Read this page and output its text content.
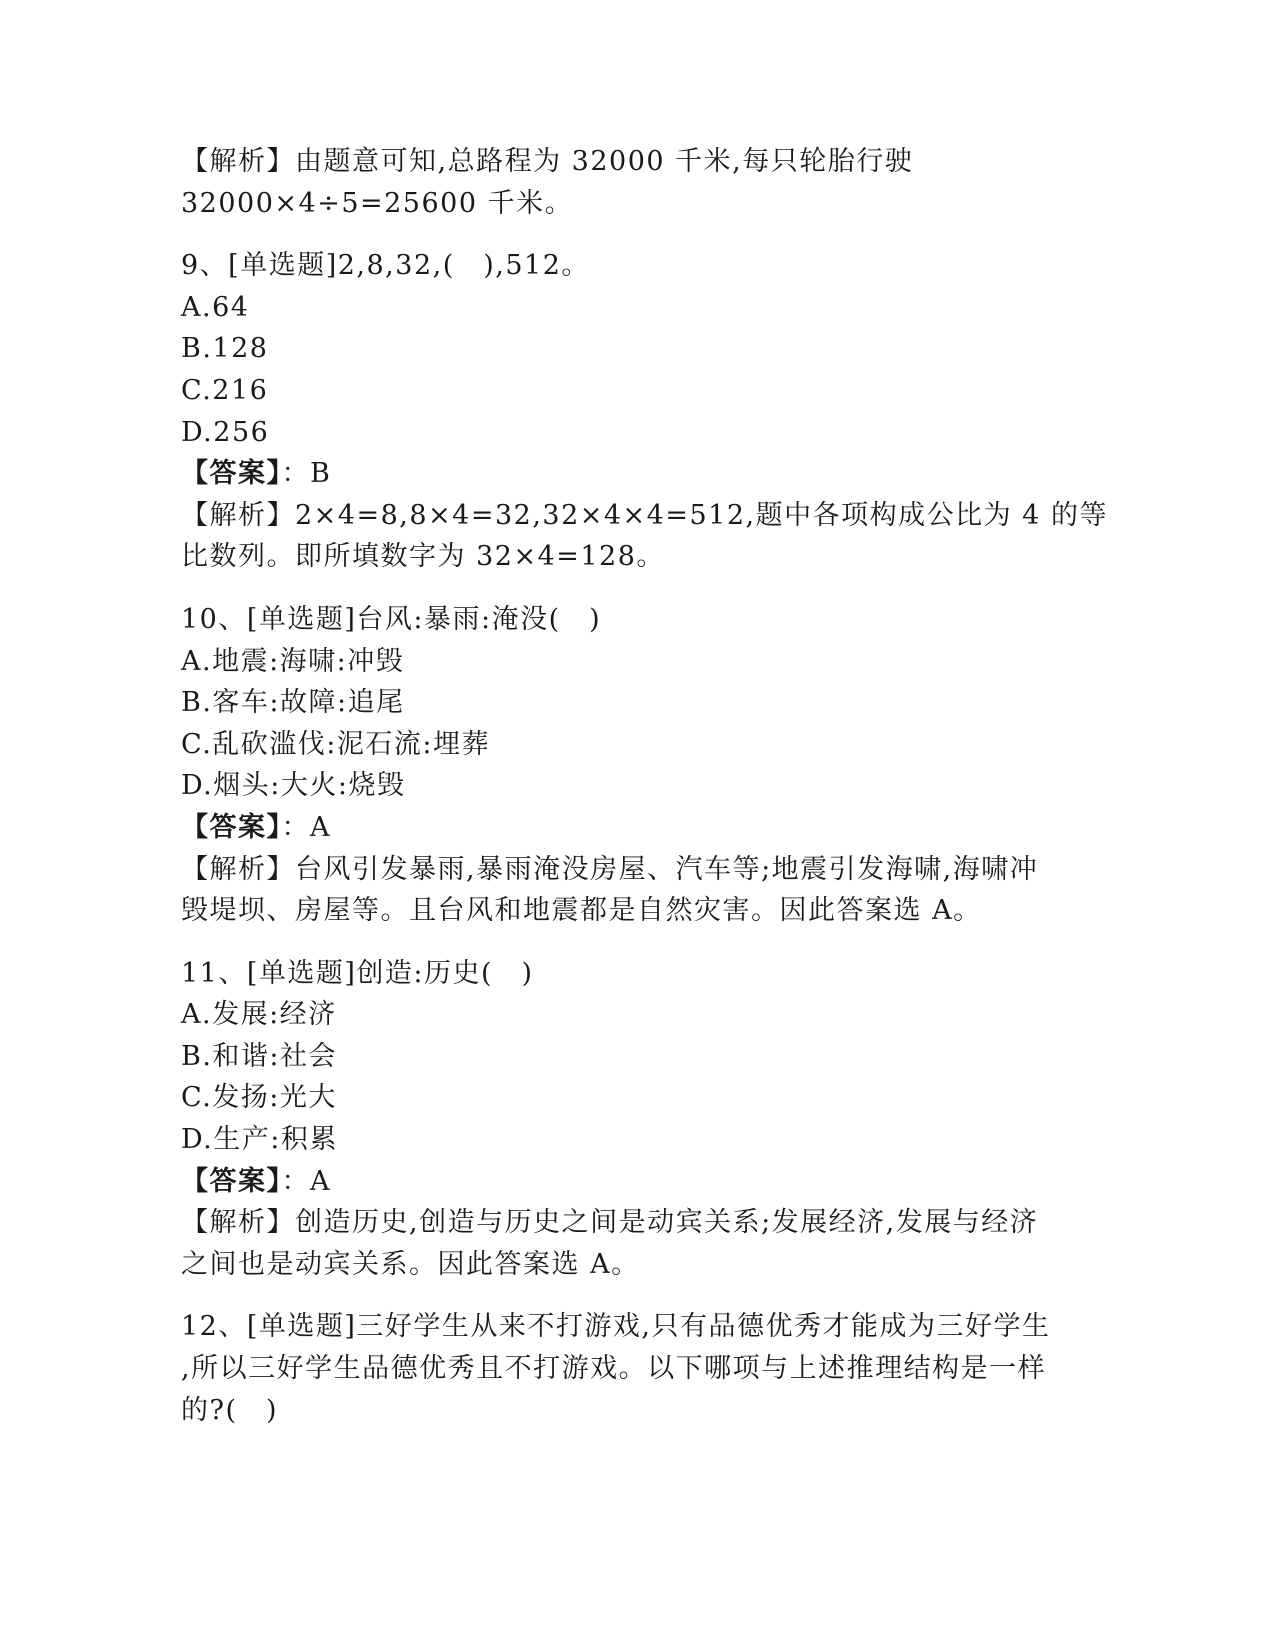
【解析】由题意可知,总路程为 32000 千米,每只轮胎行驶
32000×4÷5=25600 千米。
9、[单选题]2,8,32,(　),512。
A.64
B.128
C.216
D.256
【答案】：B
【解析】2×4=8,8×4=32,32×4×4=512,题中各项构成公比为 4 的等
比数列。即所填数字为 32×4=128。
10、[单选题]台风:暴雨:淹没(　)
A.地震:海啸:冲毁
B.客车:故障:追尾
C.乱砍滥伐:泥石流:埋葬
D.烟头:大火:烧毁
【答案】：A
【解析】台风引发暴雨,暴雨淹没房屋、汽车等;地震引发海啸,海啸冲
毁堤坝、房屋等。且台风和地震都是自然灾害。因此答案选 A。
11、[单选题]创造:历史(　)
A.发展:经济
B.和谐:社会
C.发扬:光大
D.生产:积累
【答案】：A
【解析】创造历史,创造与历史之间是动宾关系;发展经济,发展与经济
之间也是动宾关系。因此答案选 A。
12、[单选题]三好学生从来不打游戏,只有品德优秀才能成为三好学生
,所以三好学生品德优秀且不打游戏。以下哪项与上述推理结构是一样
的?(　)
